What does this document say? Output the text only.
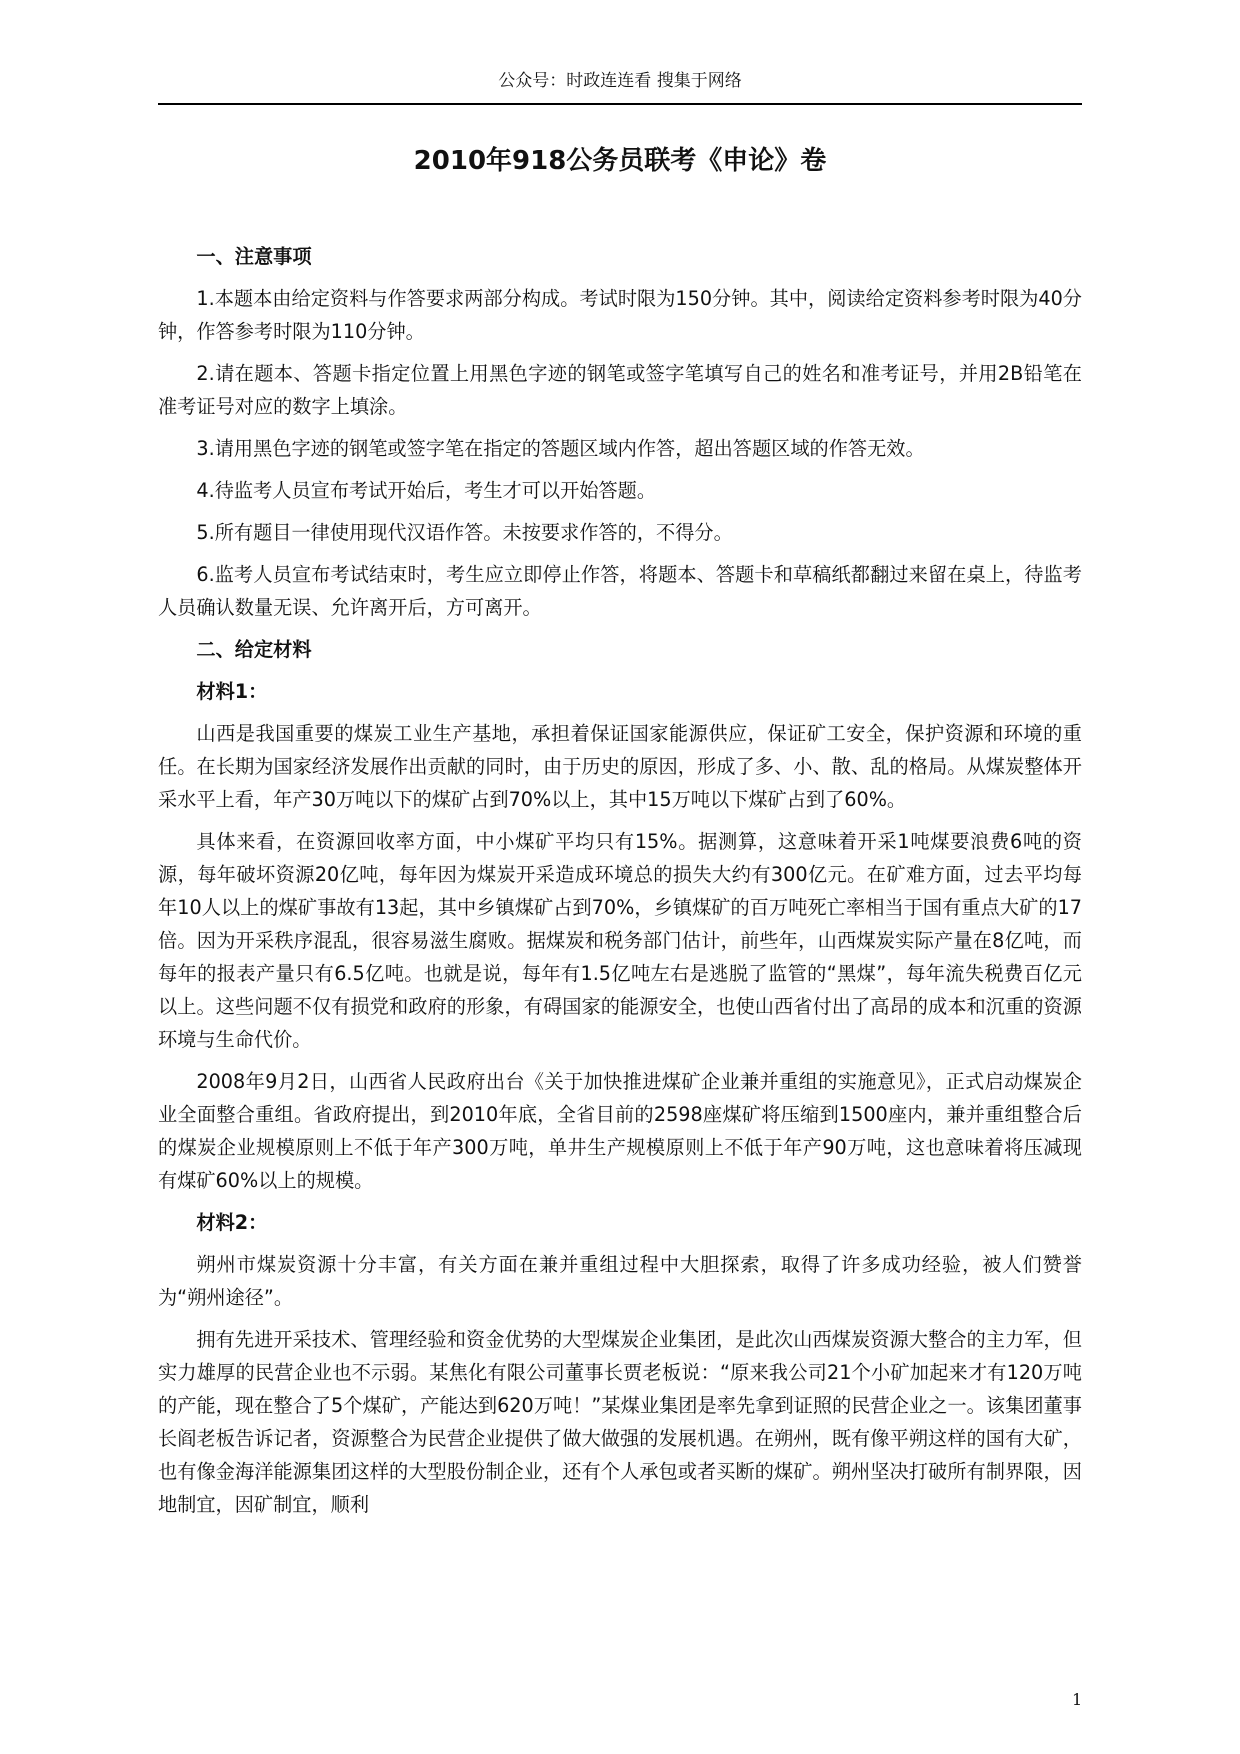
公众号：时政连连看 搜集于网络
2010年918公务员联考《申论》卷
一、注意事项

1.本题本由给定资料与作答要求两部分构成。考试时限为150分钟。其中，阅读给定资料参考时限为40分钟，作答参考时限为110分钟。

2.请在题本、答题卡指定位置上用黑色字迹的钢笔或签字笔填写自己的姓名和准考证号，并用2B铅笔在准考证号对应的数字上填涂。

3.请用黑色字迹的钢笔或签字笔在指定的答题区域内作答，超出答题区域的作答无效。

4.待监考人员宣布考试开始后，考生才可以开始答题。

5.所有题目一律使用现代汉语作答。未按要求作答的，不得分。

6.监考人员宣布考试结束时，考生应立即停止作答，将题本、答题卡和草稿纸都翻过来留在桌上，待监考人员确认数量无误、允许离开后，方可离开。

二、给定材料
材料1：

山西是我国重要的煤炭工业生产基地，承担着保证国家能源供应，保证矿工安全，保护资源和环境的重任。在长期为国家经济发展作出贡献的同时，由于历史的原因，形成了多、小、散、乱的格局。从煤炭整体开采水平上看，年产30万吨以下的煤矿占到70%以上，其中15万吨以下煤矿占到了60%。

具体来看，在资源回收率方面，中小煤矿平均只有15%。据测算，这意味着开采1吨煤要浪费6吨的资源，每年破坏资源20亿吨，每年因为煤炭开采造成环境总的损失大约有300亿元。在矿难方面，过去平均每年10人以上的煤矿事故有13起，其中乡镇煤矿占到70%，乡镇煤矿的百万吨死亡率相当于国有重点大矿的17倍。因为开采秩序混乱，很容易滋生腐败。据煤炭和税务部门估计，前些年，山西煤炭实际产量在8亿吨，而每年的报表产量只有6.5亿吨。也就是说，每年有1.5亿吨左右是逃脱了监管的“黑煤”，每年流失税费百亿元以上。这些问题不仅有损党和政府的形象，有碍国家的能源安全，也使山西省付出了高昂的成本和沉重的资源环境与生命代价。

2008年9月2日，山西省人民政府出台《关于加快推进煤矿企业兼并重组的实施意见》，正式启动煤炭企业全面整合重组。省政府提出，到2010年底，全省目前的2598座煤矿将压缩到1500座内，兼并重组整合后的煤炭企业规模原则上不低于年产300万吨，单井生产规模原则上不低于年产90万吨，这也意味着将压减现有煤矿60%以上的规模。

材料2：

朔州市煤炭资源十分丰富，有关方面在兼并重组过程中大胆探索，取得了许多成功经验，被人们赞誉为“朔州途径”。

拥有先进开采技术、管理经验和资金优势的大型煤炭企业集团，是此次山西煤炭资源大整合的主力军，但实力雄厚的民营企业也不示弱。某焦化有限公司董事长贾老板说：“原来我公司21个小矿加起来才有120万吨的产能，现在整合了5个煤矿，产能达到620万吨！”某煤业集团是率先拿到证照的民营企业之一。该集团董事长阎老板告诉记者，资源整合为民营企业提供了做大做强的发展机遇。在朔州，既有像平朔这样的国有大矿，也有像金海洋能源集团这样的大型股份制企业，还有个人承包或者买断的煤矿。朔州坚决打破所有制界限，因地制宜，因矿制宜，顺利

1
